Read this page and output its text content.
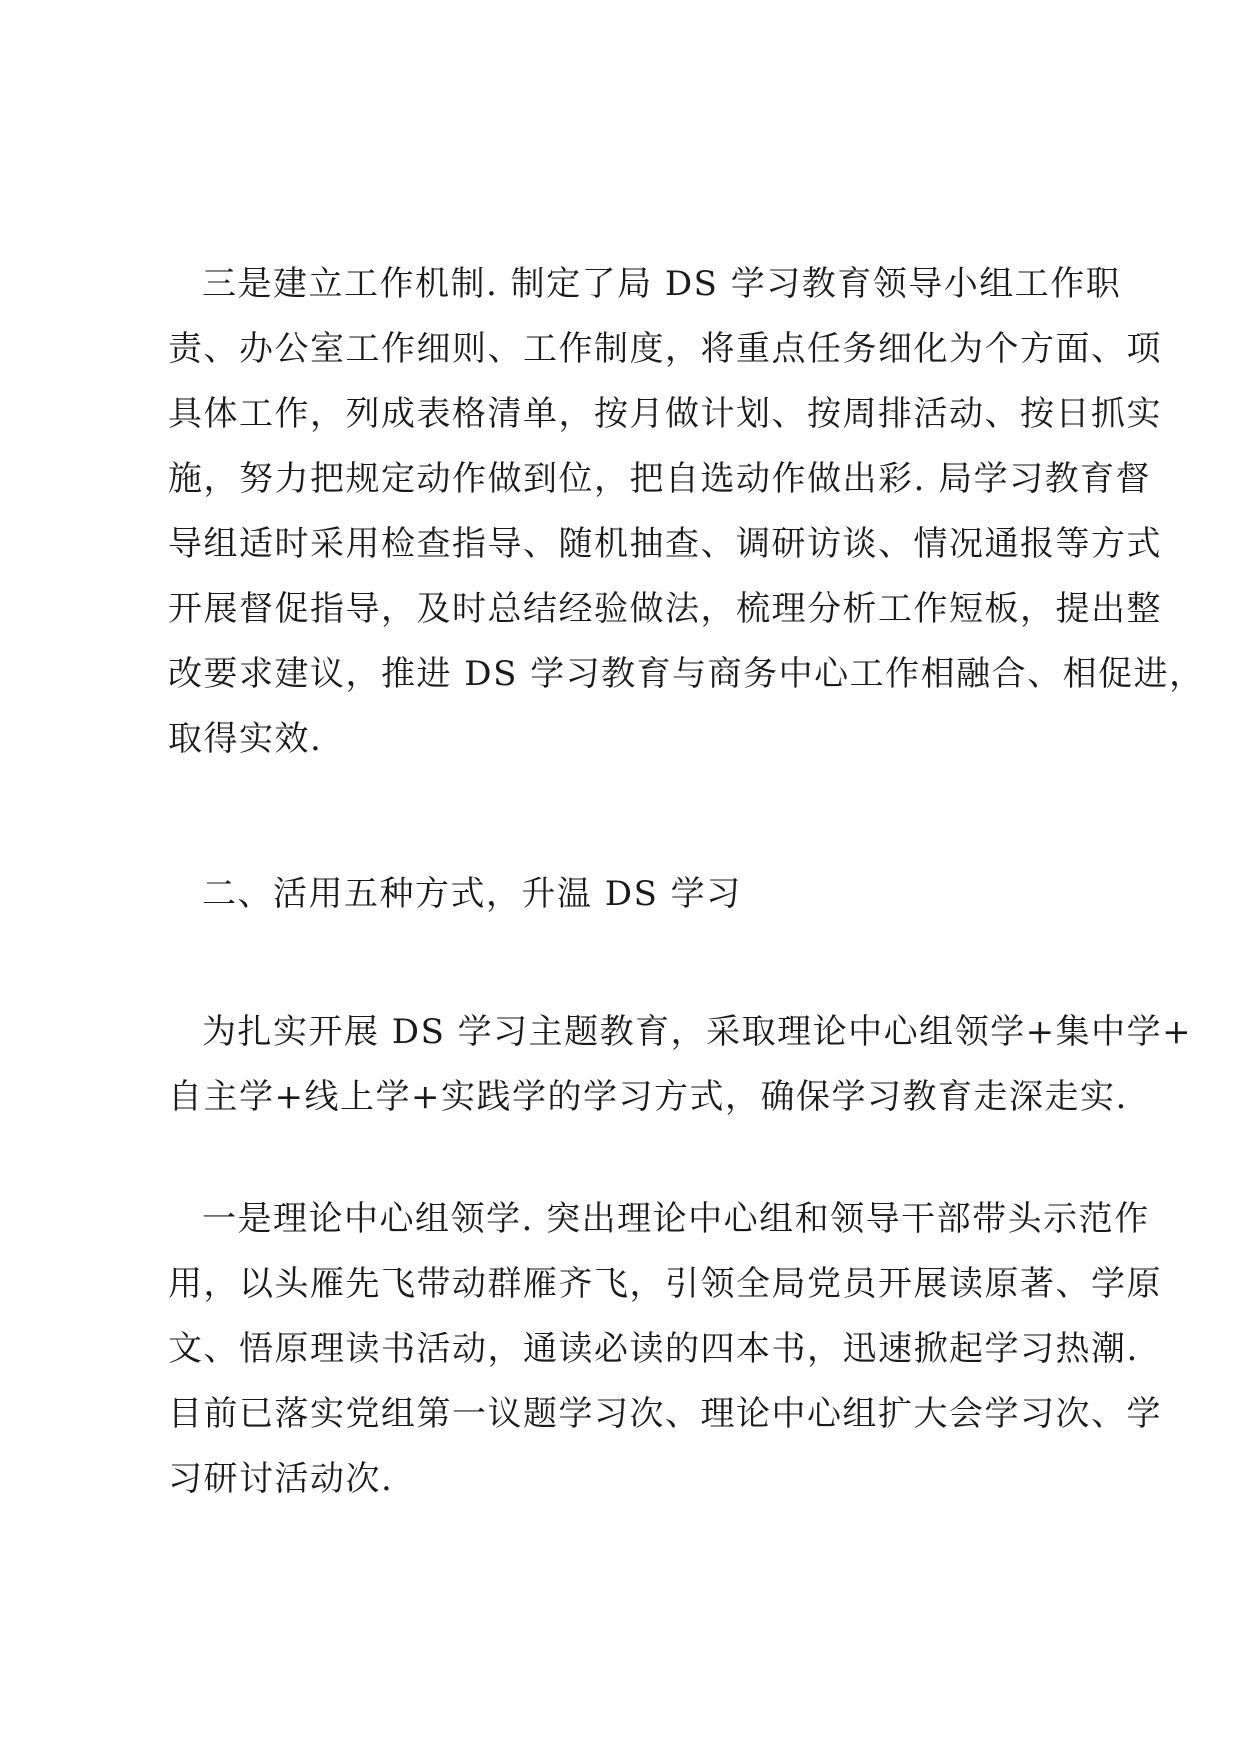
三是建立工作机制. 制定了局 DS 学习教育领导小组工作职
责、办公室工作细则、工作制度，将重点任务细化为个方面、项
具体工作，列成表格清单，按月做计划、按周排活动、按日抓实
施，努力把规定动作做到位，把自选动作做出彩. 局学习教育督
导组适时采用检查指导、随机抽查、调研访谈、情况通报等方式
开展督促指导，及时总结经验做法，梳理分析工作短板，提出整
改要求建议，推进 DS 学习教育与商务中心工作相融合、相促进，
取得实效.
二、活用五种方式，升温 DS 学习
为扎实开展 DS 学习主题教育，采取理论中心组领学+集中学+
自主学+线上学+实践学的学习方式，确保学习教育走深走实.
一是理论中心组领学. 突出理论中心组和领导干部带头示范作
用，以头雁先飞带动群雁齐飞，引领全局党员开展读原著、学原
文、悟原理读书活动，通读必读的四本书，迅速掀起学习热潮.
目前已落实党组第一议题学习次、理论中心组扩大会学习次、学
习研讨活动次.
